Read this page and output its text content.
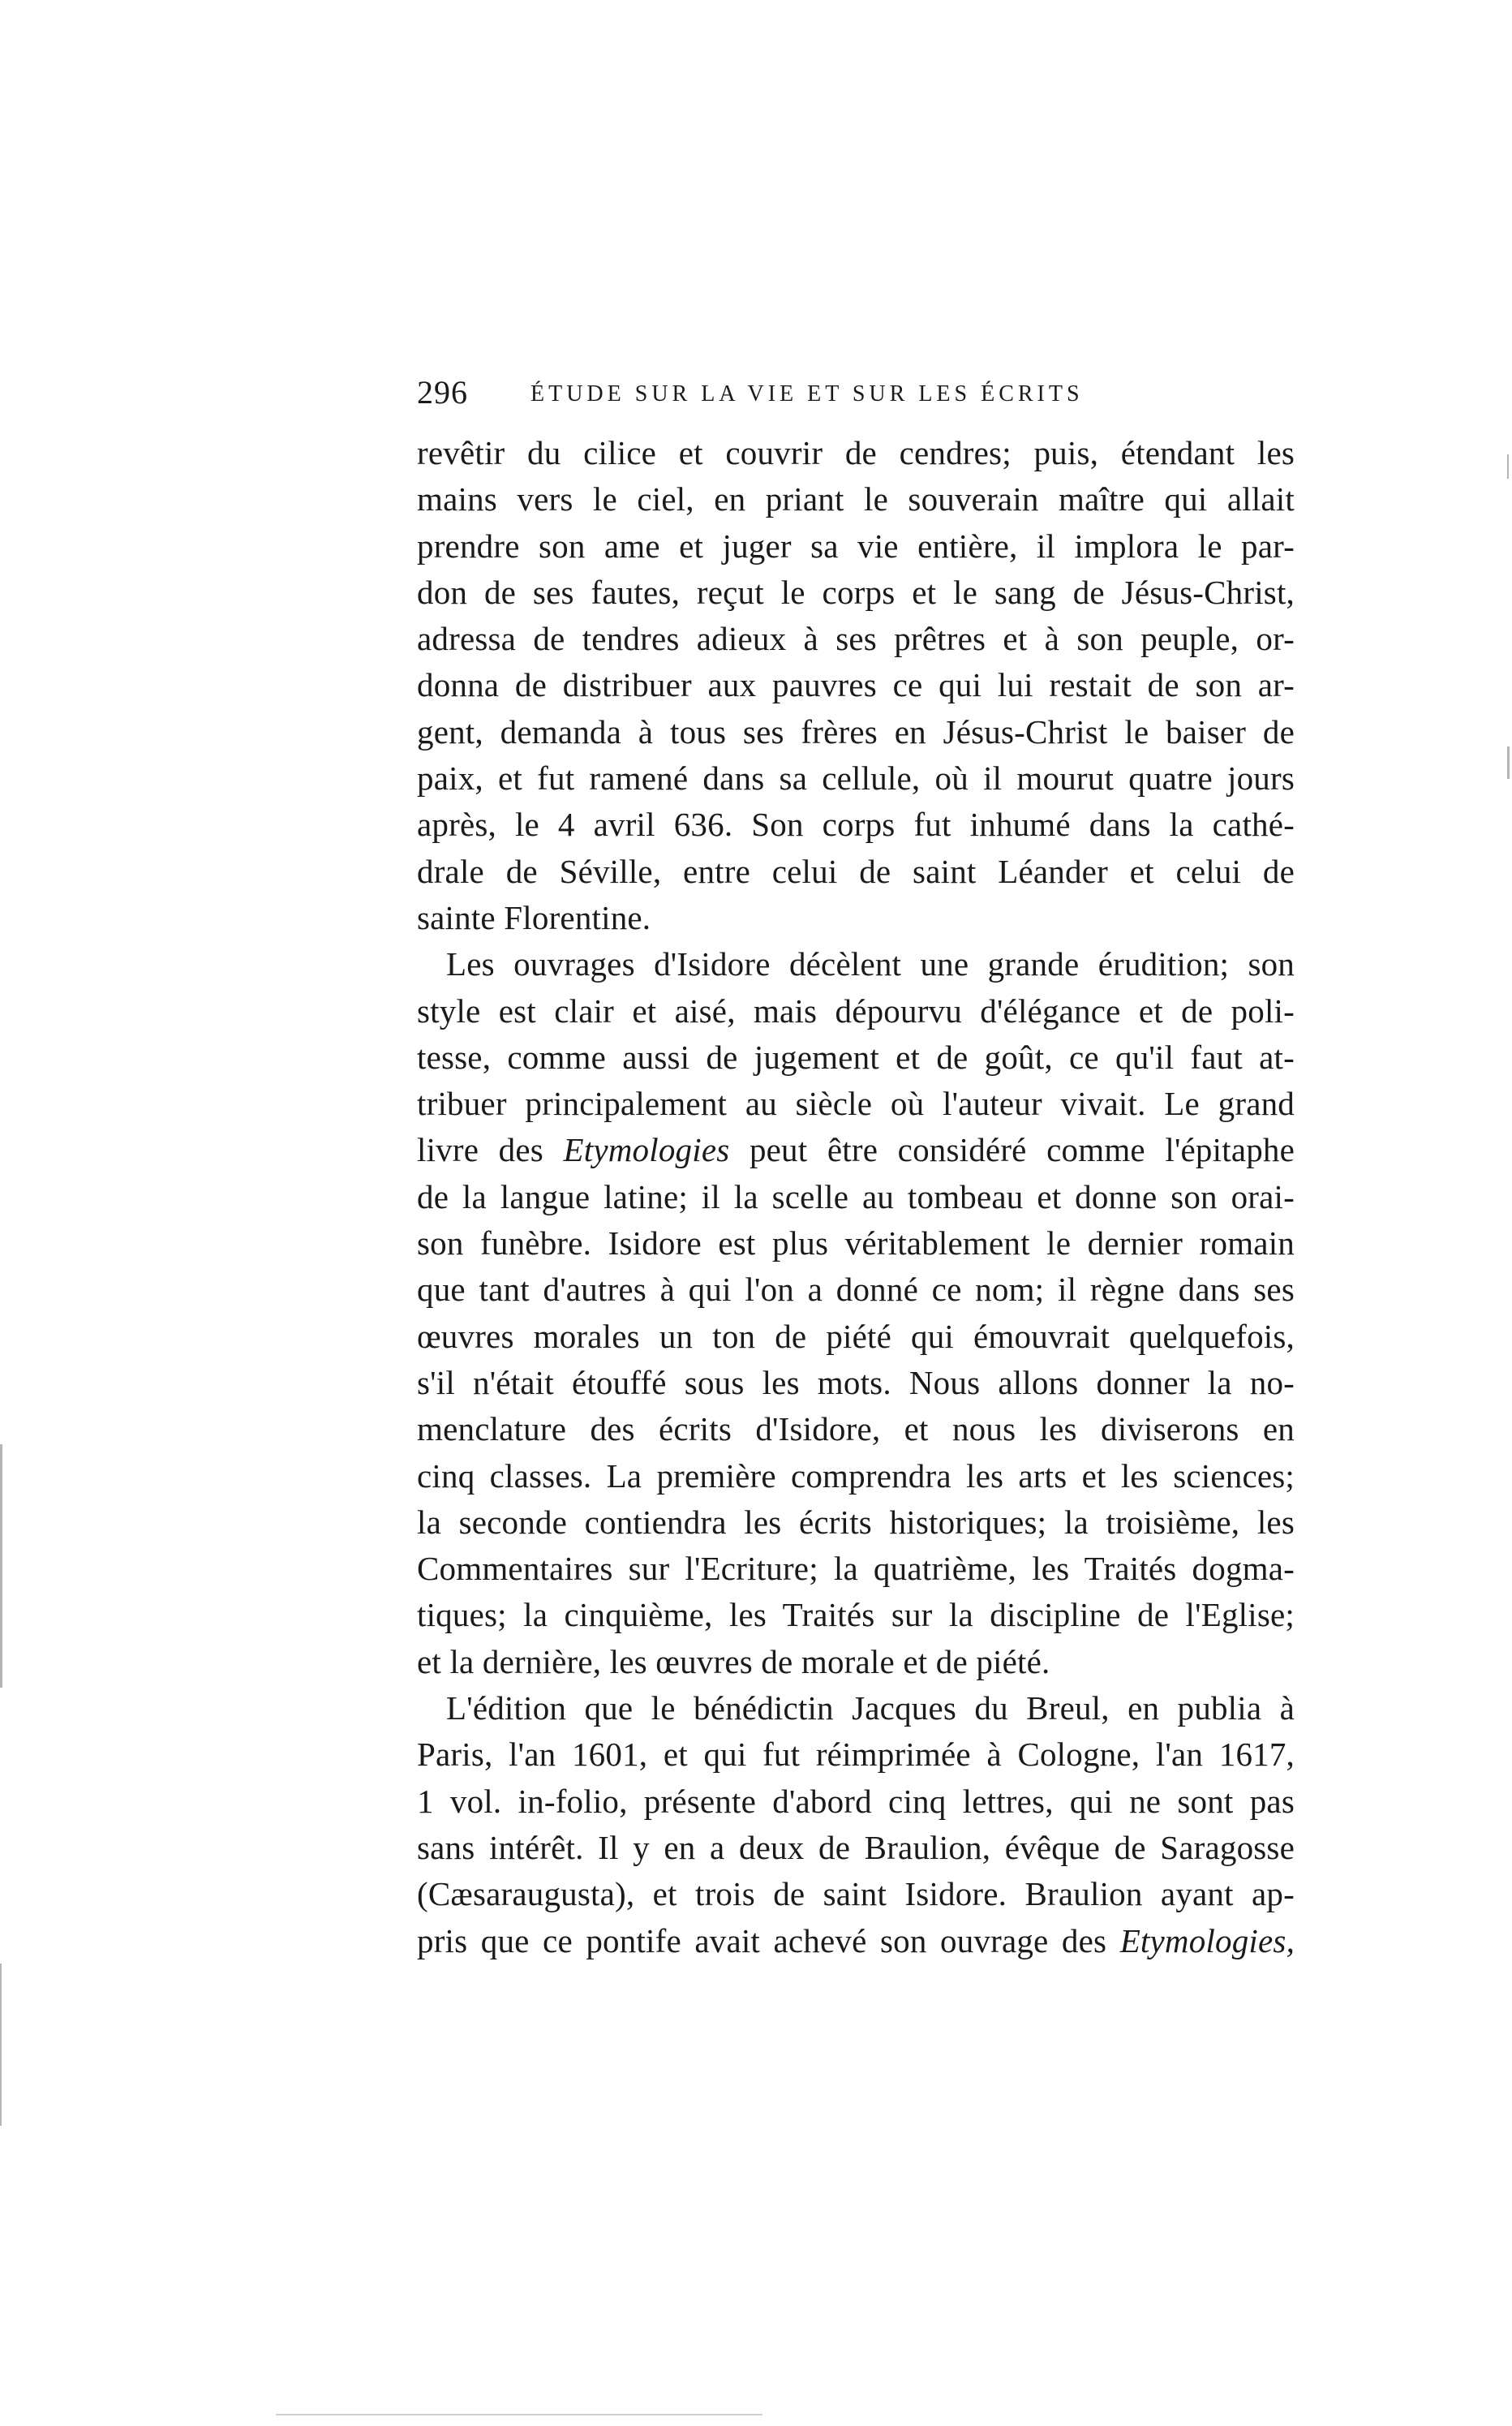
296	ÉTUDE SUR LA VIE ET SUR LES ÉCRITS
revêtir du cilice et couvrir de cendres; puis, étendant les
mains vers le ciel, en priant le souverain maître qui allait
prendre son ame et juger sa vie entière, il implora le par-
don de ses fautes, reçut le corps et le sang de Jésus-Christ,
adressa de tendres adieux à ses prêtres et à son peuple, or-
donna de distribuer aux pauvres ce qui lui restait de son ar-
gent, demanda à tous ses frères en Jésus-Christ le baiser de
paix, et fut ramené dans sa cellule, où il mourut quatre jours
après, le 4 avril 636. Son corps fut inhumé dans la cathé-
drale de Séville, entre celui de saint Léander et celui de
sainte Florentine.
Les ouvrages d'Isidore décèlent une grande érudition; son
style est clair et aisé, mais dépourvu d'élégance et de poli-
tesse, comme aussi de jugement et de goût, ce qu'il faut at-
tribuer principalement au siècle où l'auteur vivait. Le grand
livre des Etymologies peut être considéré comme l'épitaphe
de la langue latine; il la scelle au tombeau et donne son orai-
son funèbre. Isidore est plus véritablement le dernier romain
que tant d'autres à qui l'on a donné ce nom; il règne dans ses
œuvres morales un ton de piété qui émouvrait quelquefois,
s'il n'était étouffé sous les mots. Nous allons donner la no-
menclature des écrits d'Isidore, et nous les diviserons en
cinq classes. La première comprendra les arts et les sciences;
la seconde contiendra les écrits historiques; la troisième, les
Commentaires sur l'Ecriture; la quatrième, les Traités dogma-
tiques; la cinquième, les Traités sur la discipline de l'Eglise;
et la dernière, les œuvres de morale et de piété.
L'édition que le bénédictin Jacques du Breul, en publia à
Paris, l'an 1601, et qui fut réimprimée à Cologne, l'an 1617,
1 vol. in-folio, présente d'abord cinq lettres, qui ne sont pas
sans intérêt. Il y en a deux de Braulion, évêque de Saragosse
(Cæsaraugusta), et trois de saint Isidore. Braulion ayant ap-
pris que ce pontife avait achevé son ouvrage des Etymologies,
